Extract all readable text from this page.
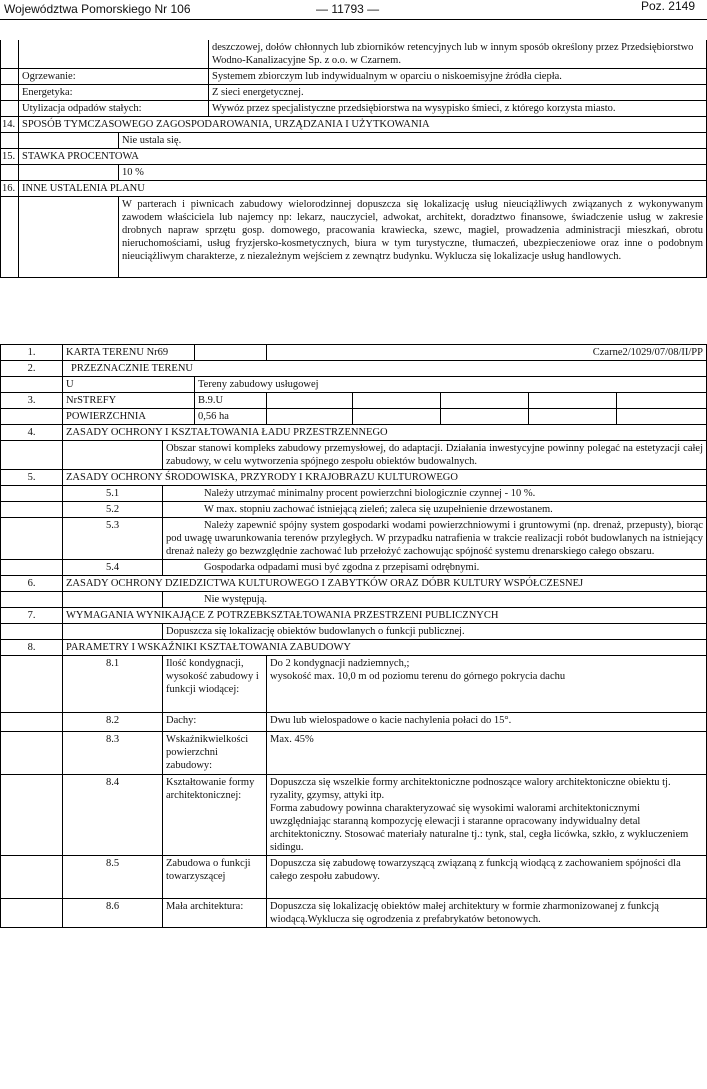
Województwa Pomorskiego Nr 106	— 11793 —	Poz. 2149
			deszczowej, dołów chłonnych lub zbiorników retencyjnych lub w innym sposób określony przez Przedsiębiorstwo Wodno-Kanalizacyjne Sp. z o.o. w Czarnem.
	Ogrzewanie:		Systemem zbiorczym lub indywidualnym w oparciu o niskoemisyjne źródła ciepła.
	Energetyka:		Z sieci energetycznej.
	Utylizacja odpadów stałych:		Wywóz przez specjalistyczne przedsiębiorstwa na wysypisko śmieci, z którego korzysta miasto.
14.	SPOSÓB TYMCZASOWEGO ZAGOSPODAROWANIA, URZĄDZANIA I UŻYTKOWANIA		
		Nie ustala się.	
15.	STAWKA PROCENTOWA		
		10 %	
16.	INNE USTALENIA PLANU		
		W parterach i piwnicach zabudowy wielorodzinnej dopuszcza się lokalizację usług nieuciążliwych związanych z wykonywanym zawodem właściciela lub najemcy np: lekarz, nauczyciel, adwokat, architekt, doradztwo finansowe, świadczenie usług w zakresie drobnych napraw sprzętu gosp. domowego, pracowania krawiecka, szewc, magiel, prowadzenia administracji mieszkań, obrotu nieruchomościami, usług fryzjersko-kosmetycznych, biura w tym turystyczne, tłumaczeń, ubezpieczeniowe oraz inne o podobnym nieuciążliwym charakterze, z niezależnym wejściem z zewnątrz budynku. Wyklucza się lokalizacje usług handlowych.	
1.	KARTA TERENU Nr69			Czarne2/1029/07/08/II/PP				
2.	PRZEZNACZNIE TERENU							
	U		Tereny zabudowy usługowej					
3.	NrSTREFY		B.9.U					
	POWIERZCHNIA		0,56 ha					
4.	ZASADY OCHRONY I KSZTAŁTOWANIA ŁADU PRZESTRZENNEGO							
		Obszar stanowi kompleks zabudowy przemysłowej, do adaptacji. Działania inwestycyjne powinny polegać na estetyzacji całej zabudowy, w celu wytworzenia spójnego zespołu obiektów budowalnych.						
5.	ZASADY OCHRONY ŚRODOWISKA, PRZYRODY I KRAJOBRAZU KULTUROWEGO							
	5.1	Należy utrzymać minimalny procent powierzchni biologicznie czynnej - 10 %.						
	5.2	W max. stopniu zachować istniejącą zieleń; zaleca się uzupełnienie drzewostanem.						
	5.3	Należy zapewnić spójny system gospodarki wodami powierzchniowymi i gruntowymi (np. drenaż, przepusty), biorąc pod uwagę uwarunkowania terenów przyległych. W przypadku natrafienia w trakcie realizacji robót budowlanych na istniejący drenaż należy go bezwzględnie zachować lub przełożyć zachowując spójność systemu drenarskiego całego obszaru.						
	5.4	Gospodarka odpadami musi być zgodna z przepisami odrębnymi.						
6.	ZASADY OCHRONY DZIEDZICTWA KULTUROWEGO I ZABYTKÓW ORAZ DÓBR KULTURY WSPÓŁCZESNEJ							
		Nie występują.						
7.	WYMAGANIA WYNIKAJĄCE Z POTRZEBKSZTAŁTOWANIA PRZESTRZENI PUBLICZNYCH							
		Dopuszcza się lokalizację obiektów budowlanych o funkcji publicznej.						
8.	PARAMETRY I WSKAŹNIKI KSZTAŁTOWANIA ZABUDOWY							
	8.1	Ilość kondygnacji, wysokość zabudowy i funkcji wiodącej:		Do 2 kondygnacji nadziemnych,;
wysokość max. 10,0 m od poziomu terenu do górnego pokrycia dachu				

	8.2	Dachy:		Dwu lub wielospadowe o kacie nachylenia połaci do 15°.				
	8.3	Wskaźnikwielkości powierzchni zabudowy:		Max. 45%				
	8.4	Kształtowanie formy architektonicznej:		Dopuszcza się wszelkie formy architektoniczne podnoszące walory architektoniczne obiektu tj. ryzality, gzymsy, attyki itp.
Forma zabudowy powinna charakteryzować się wysokimi walorami architektonicznymi uwzględniając staranną kompozycję elewacji i staranne opracowany indywidualny detal architektoniczny. Stosować materiały naturalne tj.: tynk, stal, cegła licówka, szkło, z wykluczeniem sidingu.				

	8.5	Zabudowa o funkcji towarzyszącej		Dopuszcza się zabudowę towarzyszącą związaną z funkcją wiodącą z zachowaniem spójności dla całego zespołu zabudowy.				
	8.6	Mała architektura:		Dopuszcza się lokalizację obiektów małej architektury w formie zharmonizowanej z funkcją wiodącą.Wyklucza się ogrodzenia z prefabrykatów betonowych.				
